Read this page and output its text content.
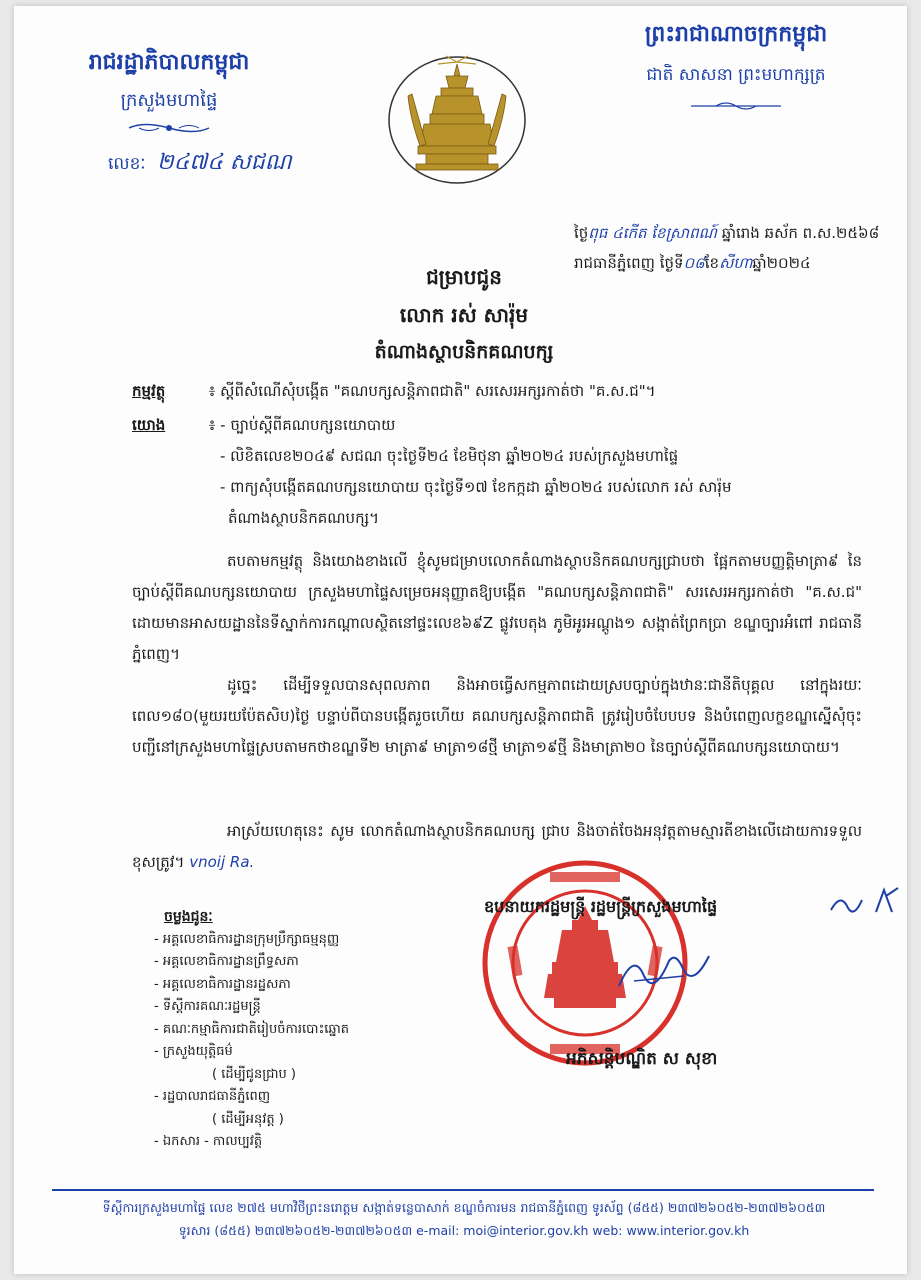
រាជរដ្ឋាភិបាលកម្ពុជា
ក្រសួងមហាផ្ទៃ
លេខៈ ២៤៧៤ សជណ
ព្រះរាជាណាចក្រកម្ពុជា
ជាតិ សាសនា ព្រះមហាក្សត្រ
ថ្ងៃពុធ ៤កើត ខែស្រាពណ៍ ឆ្នាំរោង ឆស័ក ព.ស.២៥៦៨
រាជធានីភ្នំពេញ ថ្ងៃទី០៨ខែសីហាឆ្នាំ២០២៤
ជម្រាបជូន
លោក រស់ សារ៉ុម
តំណាងស្ថាបនិកគណបក្ស
កម្មវត្ថុ	៖ ស្តីពីសំណើសុំបង្កើត "គណបក្សសន្តិភាពជាតិ" សរសេរអក្សរកាត់ថា "គ.ស.ជ"។
យោង	៖ - ច្បាប់ស្តីពីគណបក្សនយោបាយ
- លិខិតលេខ២០៤៩ សជណ ចុះថ្ងៃទី២៤ ខែមិថុនា ឆ្នាំ២០២៤ របស់ក្រសួងមហាផ្ទៃ
- ពាក្យសុំបង្កើតគណបក្សនយោបាយ ចុះថ្ងៃទី១៧ ខែកក្កដា ឆ្នាំ២០២៤ របស់លោក រស់ សារ៉ុម
តំណាងស្ថាបនិកគណបក្ស។
តបតាមកម្មវត្ថុ និងយោងខាងលើ ខ្ញុំសូមជម្រាបលោកតំណាងស្ថាបនិកគណបក្សជ្រាបថា ផ្អែកតាមបញ្ញត្តិមាត្រា៩ នៃច្បាប់ស្តីពីគណបក្សនយោបាយ ក្រសួងមហាផ្ទៃសម្រេចអនុញ្ញាតឱ្យបង្កើត "គណបក្សសន្តិភាពជាតិ" សរសេរអក្សរកាត់ថា "គ.ស.ជ" ដោយមានអាសយដ្ឋាននៃទីស្នាក់ការកណ្តាលស្ថិតនៅផ្ទះលេខ៦៩Z ផ្លូវបេតុង ភូមិអូរអណ្តូង១ សង្កាត់ព្រែកប្រា ខណ្ឌច្បារអំពៅ រាជធានីភ្នំពេញ។
ដូច្នេះ ដើម្បីទទួលបានសុពលភាព និងអាចធ្វើសកម្មភាពដោយស្របច្បាប់ក្នុងឋានៈជានីតិបុគ្គល នៅក្នុងរយៈពេល១៨០(មួយរយប៉ែតសិប)ថ្ងៃ បន្ទាប់ពីបានបង្កើតរួចហើយ គណបក្សសន្តិភាពជាតិ ត្រូវរៀបចំបែបបទ និងបំពេញលក្ខខណ្ឌស្នើសុំចុះបញ្ជីនៅក្រសួងមហាផ្ទៃស្របតាមកថាខណ្ឌទី២ មាត្រា៩ មាត្រា១៨ថ្មី មាត្រា១៩ថ្មី និងមាត្រា២០ នៃច្បាប់ស្តីពីគណបក្សនយោបាយ។
អាស្រ័យហេតុនេះ សូម លោកតំណាងស្ថាបនិកគណបក្ស ជ្រាប និងចាត់ចែងអនុវត្តតាមស្មារតីខាងលើដោយការទទួលខុសត្រូវ។ vnoij Ra.
ចម្លងជូនៈ
- អគ្គលេខាធិការដ្ឋានក្រុមប្រឹក្សាធម្មនុញ្ញ
- អគ្គលេខាធិការដ្ឋានព្រឹទ្ធសភា
- អគ្គលេខាធិការដ្ឋានរដ្ឋសភា
- ទីស្តីការគណៈរដ្ឋមន្ត្រី
- គណៈកម្មាធិការជាតិរៀបចំការបោះឆ្នោត
- ក្រសួងយុត្តិធម៌
( ដើម្បីជូនជ្រាប )
- រដ្ឋបាលរាជធានីភ្នំពេញ
( ដើម្បីអនុវត្ត )
- ឯកសារ - កាលប្បវត្តិ
ឧបនាយករដ្ឋមន្ត្រី រដ្ឋមន្ត្រីក្រសួងមហាផ្ទៃ
អភិសន្តិបណ្ឌិត ស សុខា
ទីស្តីការក្រសួងមហាផ្ទៃ លេខ ២៧៥ មហាវិថីព្រះនរោត្តម សង្កាត់ទន្លេបាសាក់ ខណ្ឌចំការមន រាជធានីភ្នំពេញ ទូរស័ព្ទ (៨៥៥) ២៣៧២៦០៥២-២៣៧២៦០៥៣
ទូរសារ (៨៥៥) ២៣៧២៦០៥២-២៣៧២៦០៥៣ e-mail: moi@interior.gov.kh web: www.interior.gov.kh
